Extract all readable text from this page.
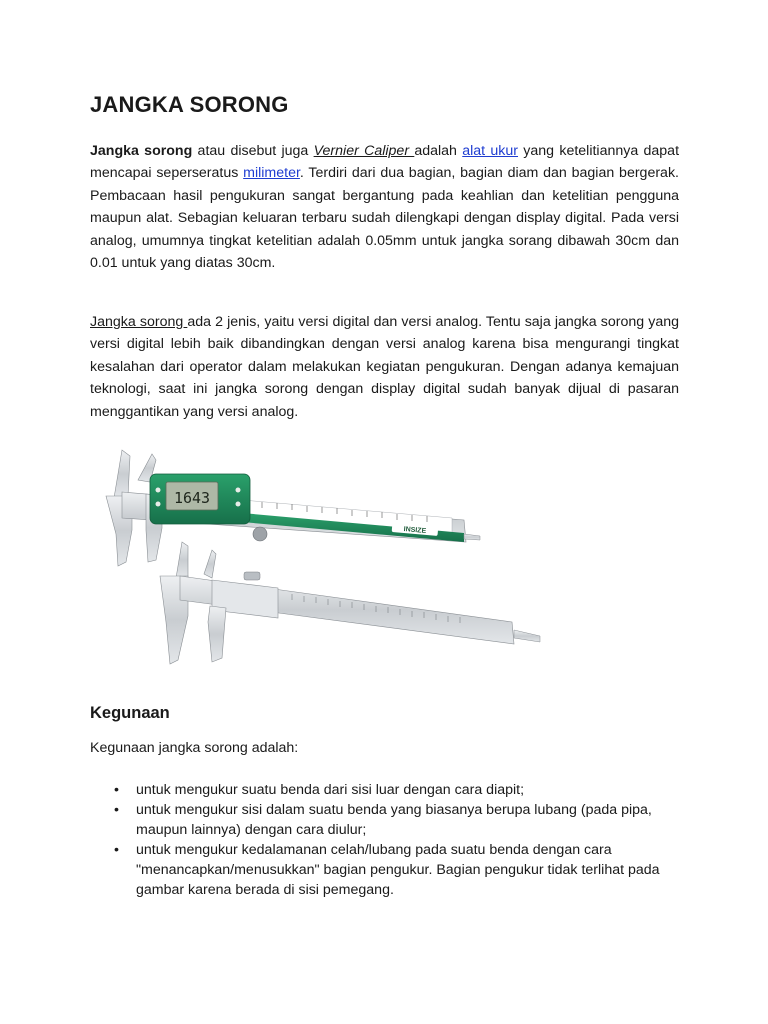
JANGKA SORONG

Jangka sorong atau disebut juga Vernier Caliper adalah alat ukur yang ketelitiannya dapat mencapai seperseratus milimeter. Terdiri dari dua bagian, bagian diam dan bagian bergerak. Pembacaan hasil pengukuran sangat bergantung pada keahlian dan ketelitian pengguna maupun alat. Sebagian keluaran terbaru sudah dilengkapi dengan display digital. Pada versi analog, umumnya tingkat ketelitian adalah 0.05mm untuk jangka sorang dibawah 30cm dan 0.01 untuk yang diatas 30cm.

Jangka sorong ada 2 jenis, yaitu versi digital dan versi analog. Tentu saja jangka sorong yang versi digital lebih baik dibandingkan dengan versi analog karena bisa mengurangi tingkat kesalahan dari operator dalam melakukan kegiatan pengukuran. Dengan adanya kemajuan teknologi, saat ini jangka sorong dengan display digital sudah banyak dijual di pasaran menggantikan yang versi analog.

INSIZE
1643
Kegunaan

Kegunaan jangka sorong adalah:

• untuk mengukur suatu benda dari sisi luar dengan cara diapit;
• untuk mengukur sisi dalam suatu benda yang biasanya berupa lubang (pada pipa, maupun lainnya) dengan cara diulur;
• untuk mengukur kedalamanan celah/lubang pada suatu benda dengan cara "menancapkan/menusukkan" bagian pengukur. Bagian pengukur tidak terlihat pada gambar karena berada di sisi pemegang.
